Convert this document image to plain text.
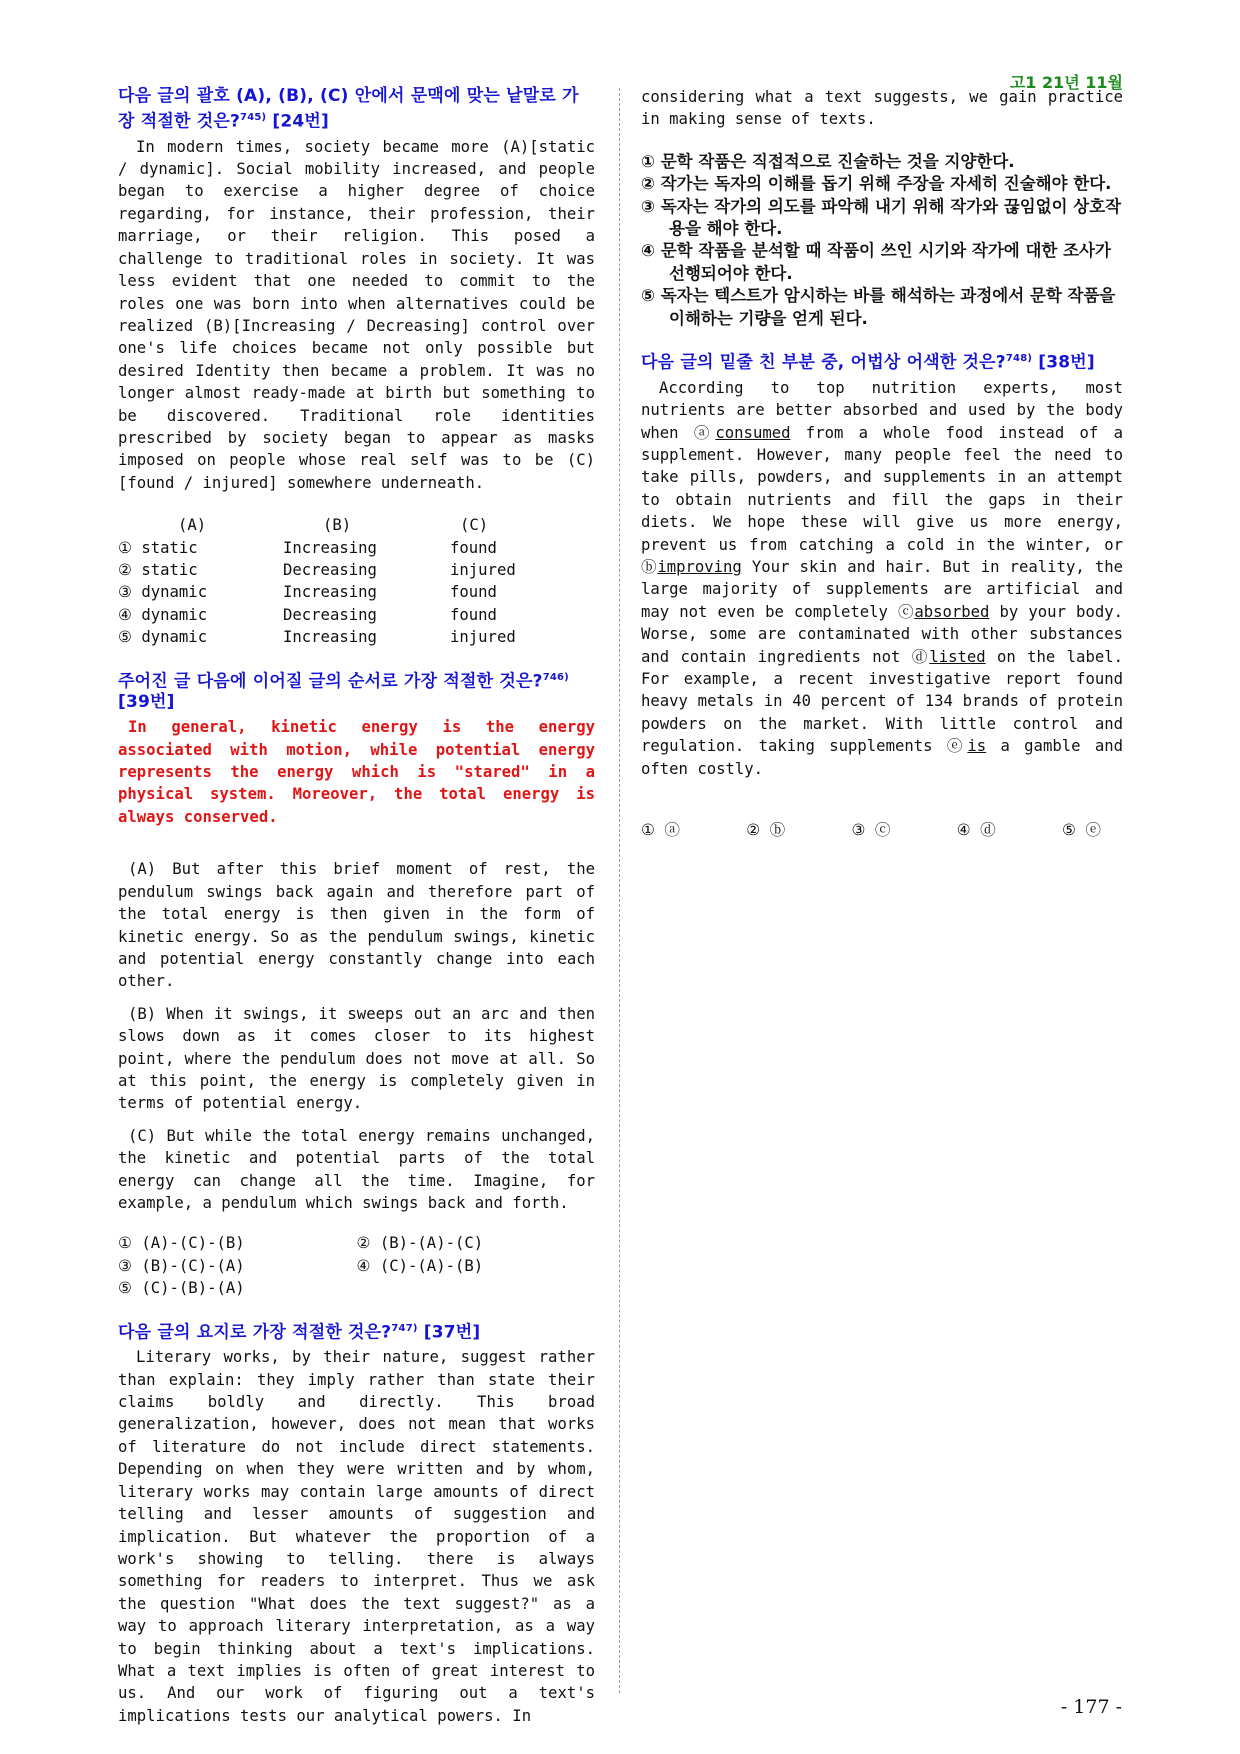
고1 21년 11월
다음 글의 괄호 (A), (B), (C) 안에서 문맥에 맞는 낱말로 가장 적절한 것은?$^{745)}$ [24번]

In modern times, society became more (A)[static / dynamic]. Social mobility increased, and people began to exercise a higher degree of choice regarding, for instance, their profession, their marriage, or their religion. This posed a challenge to traditional roles in society. It was less evident that one needed to commit to the roles one was born into when alternatives could be realized (B)[Increasing / Decreasing] control over one's life choices became not only possible but desired Identity then became a problem. It was no longer almost ready-made at birth but something to be discovered. Traditional role identities prescribed by society began to appear as masks imposed on people whose real self was to be (C)[found / injured] somewhere underneath.

(A)	(B)	(C)
① static	Increasing	found
② static	Decreasing	injured
③ dynamic	Increasing	found
④ dynamic	Decreasing	found
⑤ dynamic	Increasing	injured
주어진 글 다음에 이어질 글의 순서로 가장 적절한 것은?$^{746)}$ [39번]

In general, kinetic energy is the energy associated with motion, while potential energy represents the energy which is "stared" in a physical system. Moreover, the total energy is always conserved.

(A) But after this brief moment of rest, the pendulum swings back again and therefore part of the total energy is then given in the form of kinetic energy. So as the pendulum swings, kinetic and potential energy constantly change into each other.

(B) When it swings, it sweeps out an arc and then slows down as it comes closer to its highest point, where the pendulum does not move at all. So at this point, the energy is completely given in terms of potential energy.

(C) But while the total energy remains unchanged, the kinetic and potential parts of the total energy can change all the time. Imagine, for example, a pendulum which swings back and forth.

① (A)-(C)-(B)	② (B)-(A)-(C)
③ (B)-(C)-(A)	④ (C)-(A)-(B)
⑤ (C)-(B)-(A)
다음 글의 요지로 가장 적절한 것은?$^{747)}$ [37번]

Literary works, by their nature, suggest rather than explain: they imply rather than state their claims boldly and directly. This broad generalization, however, does not mean that works of literature do not include direct statements. Depending on when they were written and by whom, literary works may contain large amounts of direct telling and lesser amounts of suggestion and implication. But whatever the proportion of a work's showing to telling. there is always something for readers to interpret. Thus we ask the question "What does the text suggest?" as a way to approach literary interpretation, as a way to begin thinking about a text's implications. What a text implies is often of great interest to us. And our work of figuring out a text's implications tests our analytical powers. In

considering what a text suggests, we gain practice in making sense of texts.

① 문학 작품은 직접적으로 진술하는 것을 지양한다.

② 작가는 독자의 이해를 돕기 위해 주장을 자세히 진술해야 한다.

③ 독자는 작가의 의도를 파악해 내기 위해 작가와 끊임없이 상호작용을 해야 한다.

④ 문학 작품을 분석할 때 작품이 쓰인 시기와 작가에 대한 조사가 선행되어야 한다.

⑤ 독자는 텍스트가 암시하는 바를 해석하는 과정에서 문학 작품을 이해하는 기량을 얻게 된다.

다음 글의 밑줄 친 부분 중, 어법상 어색한 것은?$^{748)}$ [38번]

According to top nutrition experts, most nutrients are better absorbed and used by the body when ⓐconsumed from a whole food instead of a supplement. However, many people feel the need to take pills, powders, and supplements in an attempt to obtain nutrients and fill the gaps in their diets. We hope these will give us more energy, prevent us from catching a cold in the winter, or ⓑimproving Your skin and hair. But in reality, the large majority of supplements are artificial and may not even be completely ⓒabsorbed by your body. Worse, some are contaminated with other substances and contain ingredients not ⓓlisted on the label. For example, a recent investigative report found heavy metals in 40 percent of 134 brands of protein powders on the market. With little control and regulation. taking supplements ⓔis a gamble and often costly.

① ⓐ	② ⓑ	③ ⓒ	④ ⓓ	⑤ ⓔ
- 177 -
